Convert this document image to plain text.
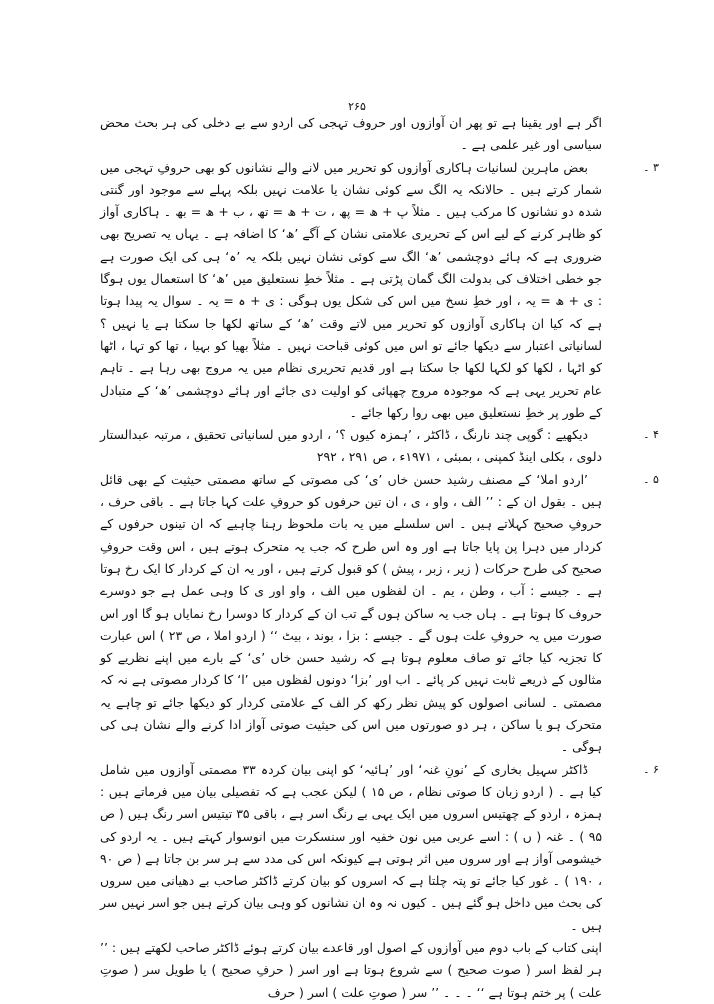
۲۶۵

اگر ہے اور یقینا ہے تو پھر ان آوازوں اور حروف تہجی کی اردو سے بے دخلی کی ہر بحث محض سیاسی اور غیر علمی ہے ۔

۳ ۔
بعض ماہرین لسانیات ہاکاری آوازوں کو تحریر میں لانے والے نشانوں کو بھی حروفِ تہجی میں شمار کرتے ہیں ۔ حالانکہ یہ الگ سے کوئی نشان یا علامت نہیں بلکہ پہلے سے موجود اور گنتی شدہ دو نشانوں کا مرکب ہیں ۔ مثلاً پ + ھ = پھ ، ت + ھ = تھ ، ب + ھ = بھ ۔ ہاکاری آواز کو ظاہر کرنے کے لیے اس کے تحریری علامتی نشان کے آگے ’ھ‘ کا اضافہ ہے ۔ یہاں یہ تصریح بھی ضروری ہے کہ ہائے دوچشمی ’ھ‘ الگ سے کوئی نشان نہیں بلکہ یہ ’ہ‘ ہی کی ایک صورت ہے جو خطی اختلاف کی بدولت الگ گمان پڑتی ہے ۔ مثلاً خطِ نستعلیق میں ’ھ‘ کا استعمال یوں ہوگا : ی + ھ = یہ ، اور خطِ نسخ میں اس کی شکل یوں ہوگی : ی + ہ = یہ ۔ سوال یہ پیدا ہوتا ہے کہ کیا ان ہاکاری آوازوں کو تحریر میں لاتے وقت ’ھ‘ کے ساتھ لکھا جا سکتا ہے یا نہیں ؟ لسانیاتی اعتبار سے دیکھا جائے تو اس میں کوئی قباحت نہیں ۔ مثلاً بھیا کو بہیا ، تھا کو تہا ، اٹھا کو اٹہا ، لکھا کو لکہا لکھا جا سکتا ہے اور قدیم تحریری نظام میں یہ مروج بھی رہا ہے ۔ تاہم عام تحریر یہی ہے کہ موجودہ مروج چھپائی کو اولیت دی جائے اور ہائے دوچشمی ’ھ‘ کے متبادل کے طور پر خطِ نستعلیق میں بھی روا رکھا جائے ۔

۴ ۔
دیکھیے : گوپی چند نارنگ ، ڈاکٹر ، ’ہمزہ کیوں ؟‘ ، اردو میں لسانیاتی تحقیق ، مرتبہ عبدالستار دلوی ، بکلی اینڈ کمپنی ، بمبئی ، ۱۹۷۱ء ، ص ۲۹۱ ، ۲۹۲

۵ ۔
’اردو املا‘ کے مصنف رشید حسن خاں ’ی‘ کی مصوتی کے ساتھ مصمتی حیثیت کے بھی قائل ہیں ۔ بقول ان کے : ’’ الف ، واو ، ی ، ان تین حرفوں کو حروفِ علت کہا جاتا ہے ۔ باقی حرف ، حروفِ صحیح کہلاتے ہیں ۔ اس سلسلے میں یہ بات ملحوظ رہنا چاہیے کہ ان تینوں حرفوں کے کردار میں دہرا پن پایا جاتا ہے اور وہ اس طرح کہ جب یہ متحرک ہوتے ہیں ، اس وقت حروفِ صحیح کی طرح حرکات ( زیر ، زبر ، پیش ) کو قبول کرتے ہیں ، اور یہ ان کے کردار کا ایک رخ ہوتا ہے ۔ جیسے : آب ، وطن ، یم ۔ ان لفظوں میں الف ، واو اور ی کا وہی عمل ہے جو دوسرے حروف کا ہوتا ہے ۔ ہاں جب یہ ساکن ہوں گے تب ان کے کردار کا دوسرا رخ نمایاں ہو گا اور اس صورت میں یہ حروفِ علت ہوں گے ۔ جیسے : بزا ، بوند ، بیٹ ‘‘ ( اردو املا ، ص ۲۳ ) اس عبارت کا تجزیہ کیا جائے تو صاف معلوم ہوتا ہے کہ رشید حسن خاں ’ی‘ کے بارے میں اپنے نظریے کو مثالوں کے ذریعے ثابت نہیں کر پائے ۔ اب اور ’بزا‘ دونوں لفظوں میں ’ا‘ کا کردار مصوتی ہے نہ کہ مصمتی ۔ لسانی اصولوں کو پیش نظر رکھ کر الف کے علامتی کردار کو دیکھا جائے تو چاہے یہ متحرک ہو یا ساکن ، ہر دو صورتوں میں اس کی حیثیت صوتی آواز ادا کرنے والے نشان ہی کی ہوگی ۔

۶ ۔
ڈاکٹر سہیل بخاری کے ’نونِ غنہ‘ اور ’ہائیہ‘ کو اپنی بیان کردہ ۳۳ مصمتی آوازوں میں شامل کیا ہے ۔ ( اردو زبان کا صوتی نظام ، ص ۱۵ ) لیکن عجب ہے کہ تفصیلی بیان میں فرماتے ہیں : ہمزہ ، اردو کے چھتیس اسروں میں ایک یہی بے رنگ اسر ہے ، باقی ۳۵ تیتیس اسر رنگ ہیں ( ص ۹۵ ) ۔ غنہ ( ں ) : اسے عربی میں نون خفیہ اور سنسکرت میں انوسوار کہتے ہیں ۔ یہ اردو کی خیشومی آواز ہے اور سروں میں اثر ہوتی ہے کیونکہ اس کی مدد سے ہر سر بن جاتا ہے ( ص ۹۰ ، ۱۹۰ ) ۔ غور کیا جائے تو پتہ چلتا ہے کہ اسروں کو بیان کرتے ڈاکٹر صاحب بے دھیانی میں سروں کی بحث میں داخل ہو گئے ہیں ۔ کیوں نہ وہ ان نشانوں کو وہی بیان کرتے ہیں جو اسر نہیں سر ہیں ۔

اپنی کتاب کے باب دوم میں آوازوں کے اصول اور قاعدے بیان کرتے ہوئے ڈاکٹر صاحب لکھتے ہیں : ’’ ہر لفظ اسر ( صوت صحیح ) سے شروع ہوتا ہے اور اسر ( حرفِ صحیح ) یا طویل سر ( صوتِ علت ) پر ختم ہوتا ہے ‘‘ ۔ ۔ ۔ ’’ سر ( صوتِ علت ) اسر ( حرف
